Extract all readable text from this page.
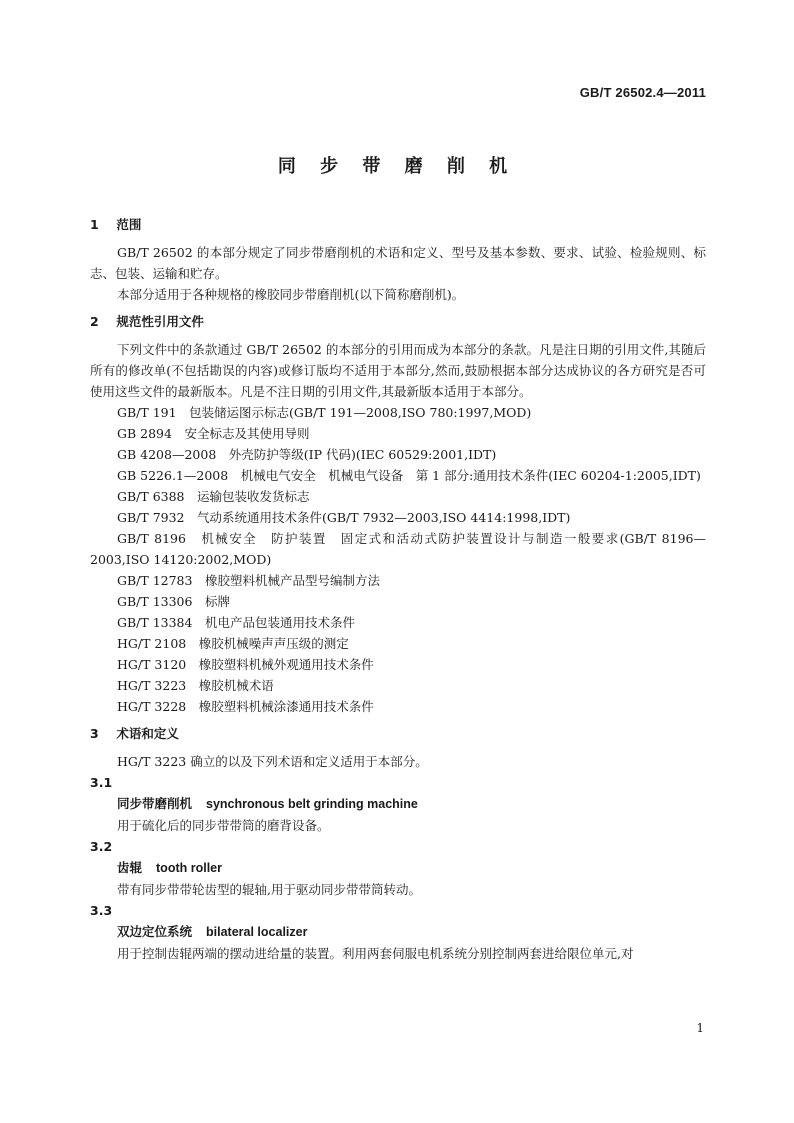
GB/T 26502.4—2011
同 步 带 磨 削 机
1 范围

GB/T 26502 的本部分规定了同步带磨削机的术语和定义、型号及基本参数、要求、试验、检验规则、标志、包装、运输和贮存。

本部分适用于各种规格的橡胶同步带磨削机(以下简称磨削机)。

2 规范性引用文件

下列文件中的条款通过 GB/T 26502 的本部分的引用而成为本部分的条款。凡是注日期的引用文件,其随后所有的修改单(不包括勘误的内容)或修订版均不适用于本部分,然而,鼓励根据本部分达成协议的各方研究是否可使用这些文件的最新版本。凡是不注日期的引用文件,其最新版本适用于本部分。

GB/T 191　包装储运图示标志(GB/T 191—2008,ISO 780:1997,MOD)

GB 2894　安全标志及其使用导则

GB 4208—2008　外壳防护等级(IP 代码)(IEC 60529:2001,IDT)

GB 5226.1—2008　机械电气安全　机械电气设备　第 1 部分:通用技术条件(IEC 60204-1:2005,IDT)

GB/T 6388　运输包装收发货标志

GB/T 7932　气动系统通用技术条件(GB/T 7932—2003,ISO 4414:1998,IDT)

GB/T 8196　机械安全　防护装置　固定式和活动式防护装置设计与制造一般要求(GB/T 8196—2003,ISO 14120:2002,MOD)

GB/T 12783　橡胶塑料机械产品型号编制方法

GB/T 13306　标牌

GB/T 13384　机电产品包装通用技术条件

HG/T 2108　橡胶机械噪声声压级的测定

HG/T 3120　橡胶塑料机械外观通用技术条件

HG/T 3223　橡胶机械术语

HG/T 3228　橡胶塑料机械涂漆通用技术条件

3 术语和定义

HG/T 3223 确立的以及下列术语和定义适用于本部分。

3.1
同步带磨削机 synchronous belt grinding machine

用于硫化后的同步带带筒的磨背设备。

3.2
齿辊 tooth roller

带有同步带带轮齿型的辊轴,用于驱动同步带带筒转动。

3.3
双边定位系统 bilateral localizer

用于控制齿辊两端的摆动进给量的装置。利用两套伺服电机系统分别控制两套进给限位单元,对

1
